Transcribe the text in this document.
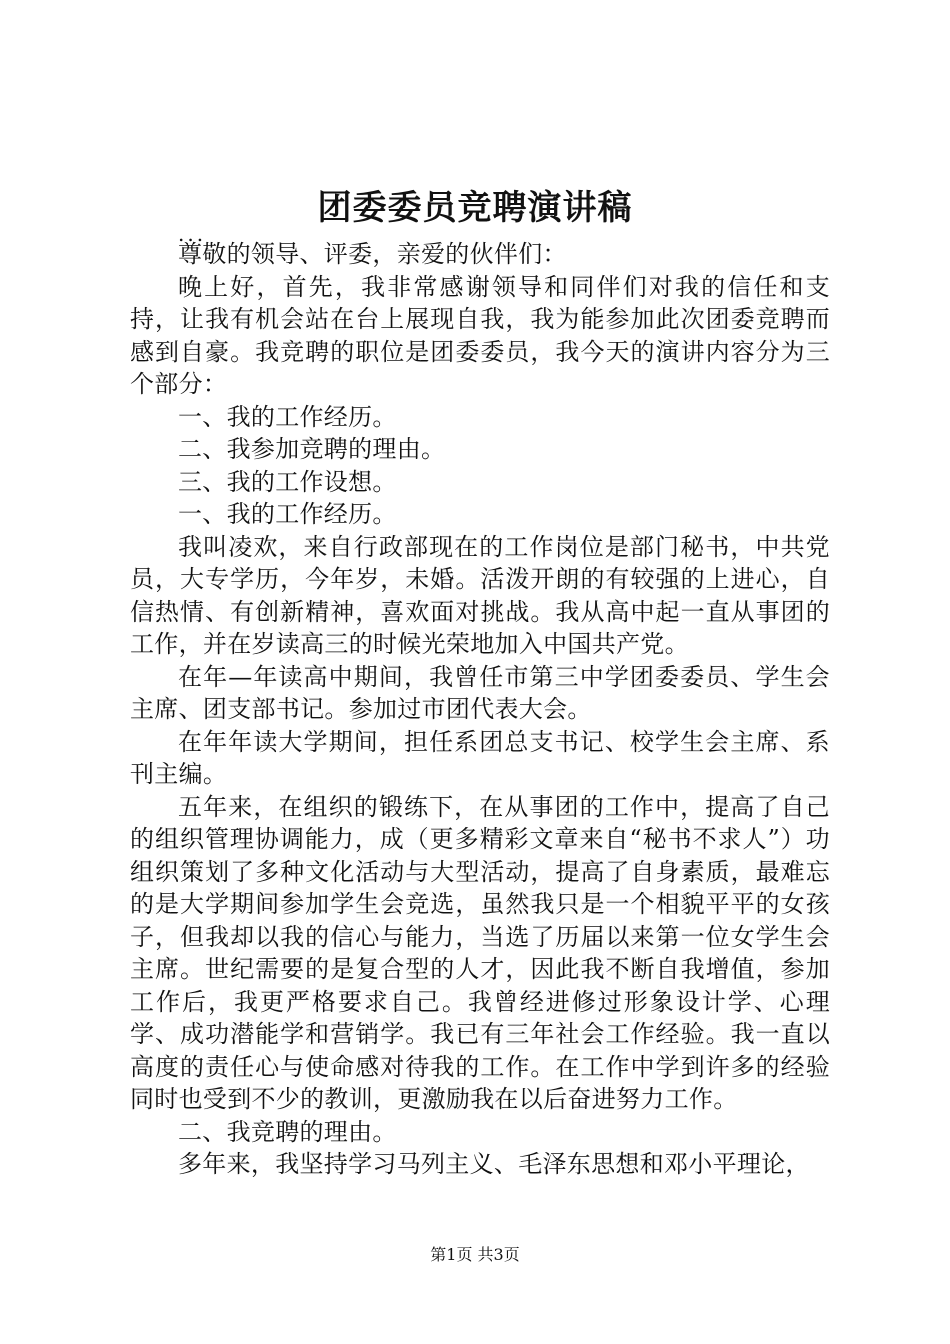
团委委员竞聘演讲稿
...

尊敬的领导、评委，亲爱的伙伴们：

晚上好，首先，我非常感谢领导和同伴们对我的信任和支持，让我有机会站在台上展现自我，我为能参加此次团委竞聘而感到自豪。我竞聘的职位是团委委员，我今天的演讲内容分为三个部分：

一、我的工作经历。

二、我参加竞聘的理由。

三、我的工作设想。

一、我的工作经历。

我叫凌欢，来自行政部现在的工作岗位是部门秘书，中共党员，大专学历，今年岁，未婚。活泼开朗的有较强的上进心，自信热情、有创新精神，喜欢面对挑战。我从高中起一直从事团的工作，并在岁读高三的时候光荣地加入中国共产党。

在年—年读高中期间，我曾任市第三中学团委委员、学生会主席、团支部书记。参加过市团代表大会。

在年年读大学期间，担任系团总支书记、校学生会主席、系刊主编。

五年来，在组织的锻练下，在从事团的工作中，提高了自己的组织管理协调能力，成（更多精彩文章来自“秘书不求人”）功组织策划了多种文化活动与大型活动，提高了自身素质，最难忘的是大学期间参加学生会竞选，虽然我只是一个相貌平平的女孩子，但我却以我的信心与能力，当选了历届以来第一位女学生会主席。世纪需要的是复合型的人才，因此我不断自我增值，参加工作后，我更严格要求自己。我曾经进修过形象设计学、心理学、成功潜能学和营销学。我已有三年社会工作经验。我一直以高度的责任心与使命感对待我的工作。在工作中学到许多的经验同时也受到不少的教训，更激励我在以后奋进努力工作。

二、我竞聘的理由。

多年来，我坚持学习马列主义、毛泽东思想和邓小平理论，

第1页 共3页
